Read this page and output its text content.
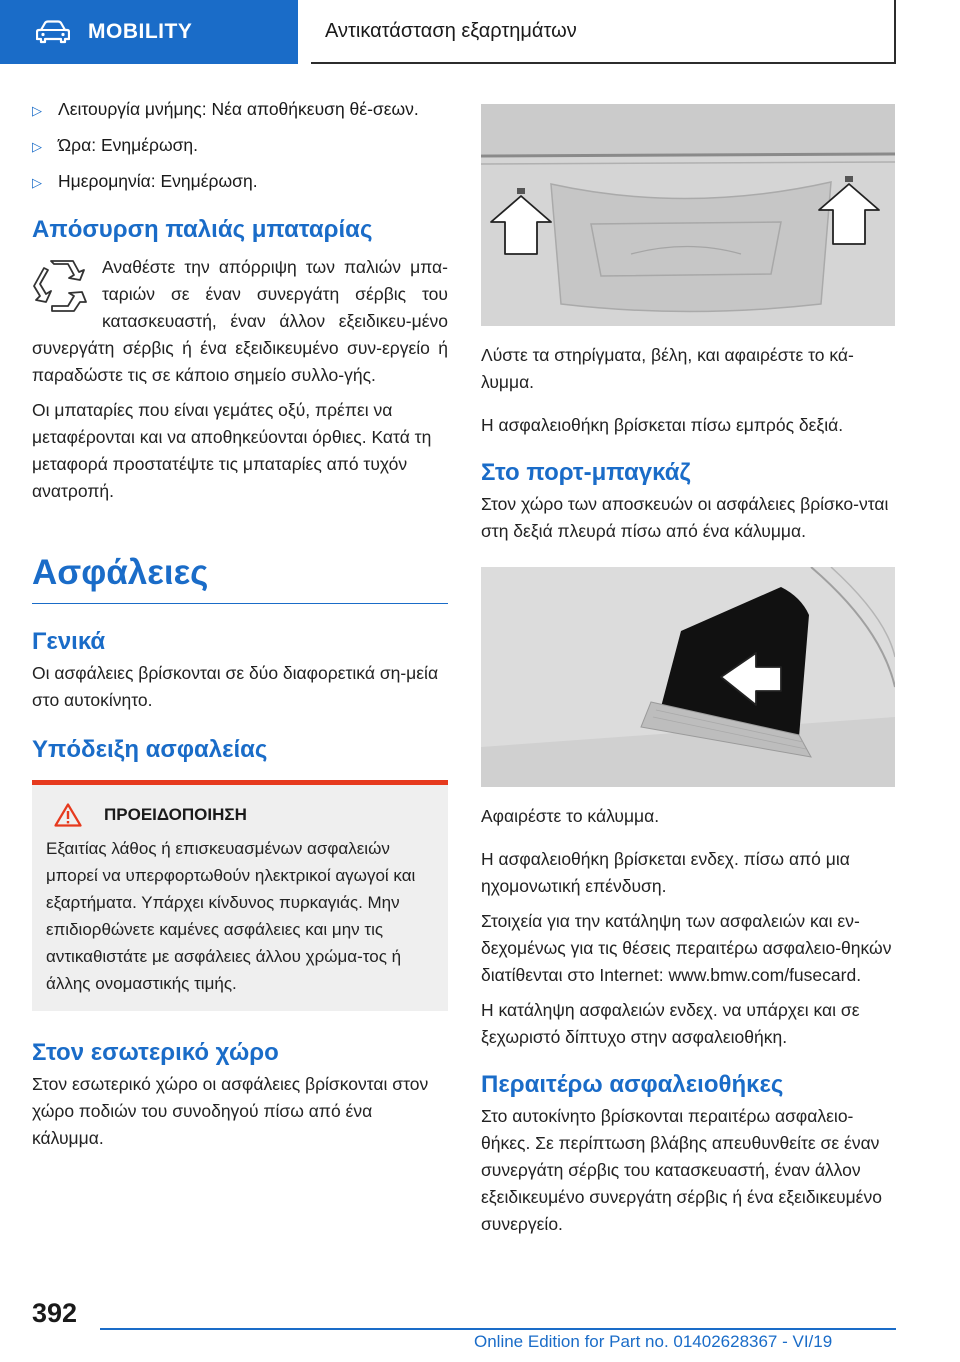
MOBILITY	Αντικατάσταση εξαρτημάτων
▷ Λειτουργία μνήμης: Νέα αποθήκευση θέ-σεων.
▷ Ώρα: Ενημέρωση.
▷ Ημερομηνία: Ενημέρωση.
Απόσυρση παλιάς μπαταρίας

Αναθέστε την απόρριψη των παλιών μπα-ταριών σε έναν συνεργάτη σέρβις του κατασκευαστή, έναν άλλον εξειδικευ-μένο συνεργάτη σέρβις ή ένα εξειδικευμένο συν-εργείο ή παραδώστε τις σε κάποιο σημείο συλλο-γής.

Οι μπαταρίες που είναι γεμάτες οξύ, πρέπει να μεταφέρονται και να αποθηκεύονται όρθιες. Κατά τη μεταφορά προστατέψτε τις μπαταρίες από τυχόν ανατροπή.

Ασφάλειες
Γενικά

Οι ασφάλειες βρίσκονται σε δύο διαφορετικά ση-μεία στο αυτοκίνητο.

Υπόδειξη ασφαλείας
ΠΡΟΕΙΔΟΠΟΙΗΣΗ

Εξαιτίας λάθος ή επισκευασμένων ασφαλειών μπορεί να υπερφορτωθούν ηλεκτρικοί αγωγοί και εξαρτήματα. Υπάρχει κίνδυνος πυρκαγιάς. Μην επιδιορθώνετε καμένες ασφάλειες και μην τις αντικαθιστάτε με ασφάλειες άλλου χρώμα-τος ή άλλης ονομαστικής τιμής.

Στον εσωτερικό χώρο

Στον εσωτερικό χώρο οι ασφάλειες βρίσκονται στον χώρο ποδιών του συνοδηγού πίσω από ένα κάλυμμα.

Λύστε τα στηρίγματα, βέλη, και αφαιρέστε το κά-λυμμα.

Η ασφαλειοθήκη βρίσκεται πίσω εμπρός δεξιά.

Στο πορτ-μπαγκάζ

Στον χώρο των αποσκευών οι ασφάλειες βρίσκο-νται στη δεξιά πλευρά πίσω από ένα κάλυμμα.

Αφαιρέστε το κάλυμμα.

Η ασφαλειοθήκη βρίσκεται ενδεχ. πίσω από μια ηχομονωτική επένδυση.

Στοιχεία για την κατάληψη των ασφαλειών και εν-δεχομένως για τις θέσεις περαιτέρω ασφαλειο-θηκών διατίθενται στο Internet: www.bmw.com/fusecard.

Η κατάληψη ασφαλειών ενδεχ. να υπάρχει και σε ξεχωριστό δίπτυχο στην ασφαλειοθήκη.

Περαιτέρω ασφαλειοθήκες

Στο αυτοκίνητο βρίσκονται περαιτέρω ασφαλειο-θήκες. Σε περίπτωση βλάβης απευθυνθείτε σε έναν συνεργάτη σέρβις του κατασκευαστή, έναν άλλον εξειδικευμένο συνεργάτη σέρβις ή ένα εξειδικευμένο συνεργείο.

392
Online Edition for Part no. 01402628367 - VI/19
